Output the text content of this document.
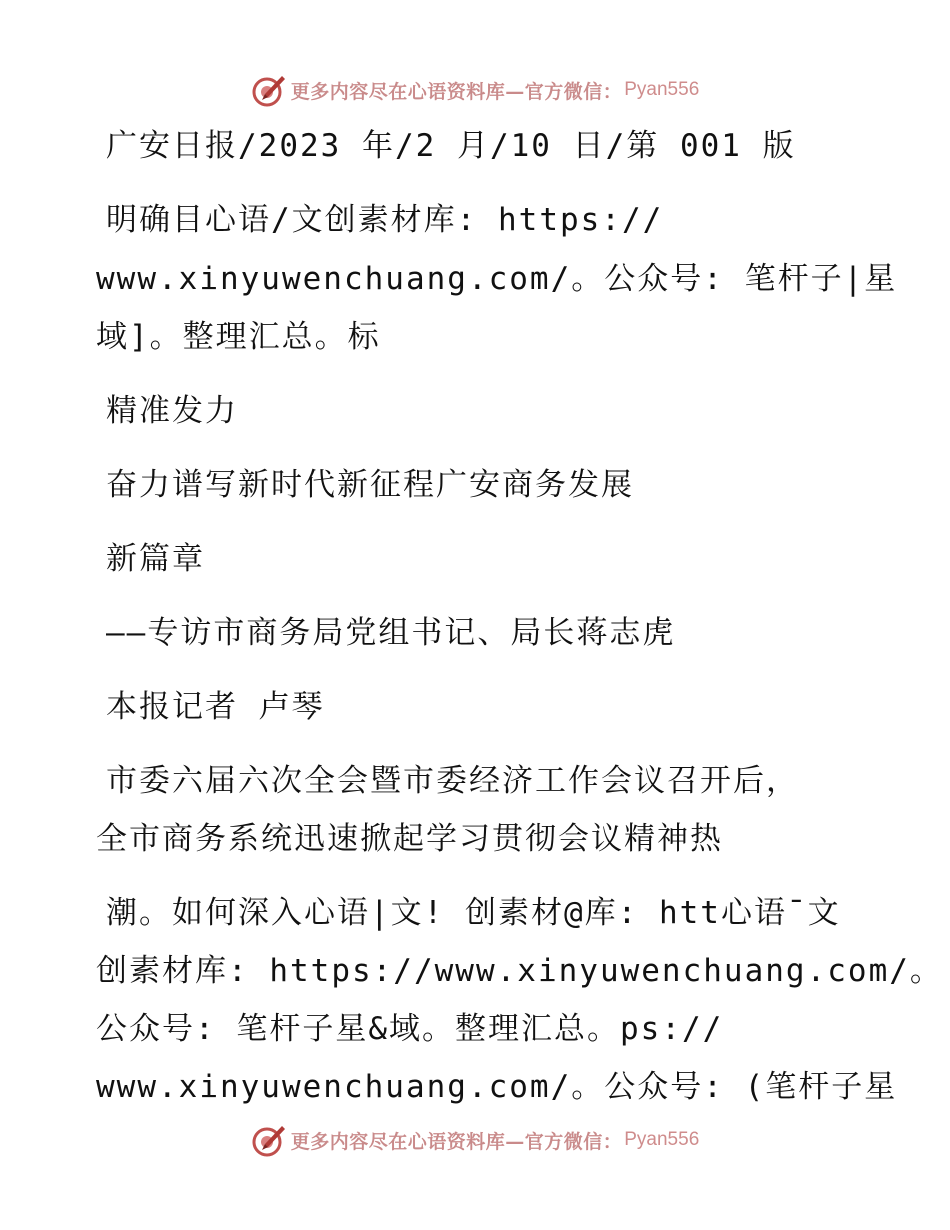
更多内容尽在心语资料库—官方微信： Pyan556
广安日报/2023 年/2 月/10 日/第 001 版
明确目心语/文创素材库: https://
www.xinyuwenchuang.com/。公众号: 笔杆子|星
域]。整理汇总。标
精准发力
奋力谱写新时代新征程广安商务发展
新篇章
——专访市商务局党组书记、局长蒋志虎
本报记者 卢琴
市委六届六次全会暨市委经济工作会议召开后，
全市商务系统迅速掀起学习贯彻会议精神热
潮。如何深入心语|文! 创素材@库: htt心语¯文
创素材库: https://www.xinyuwenchuang.com/。
公众号: 笔杆子星&域。整理汇总。ps://
www.xinyuwenchuang.com/。公众号: (笔杆子星
更多内容尽在心语资料库—官方微信： Pyan556
